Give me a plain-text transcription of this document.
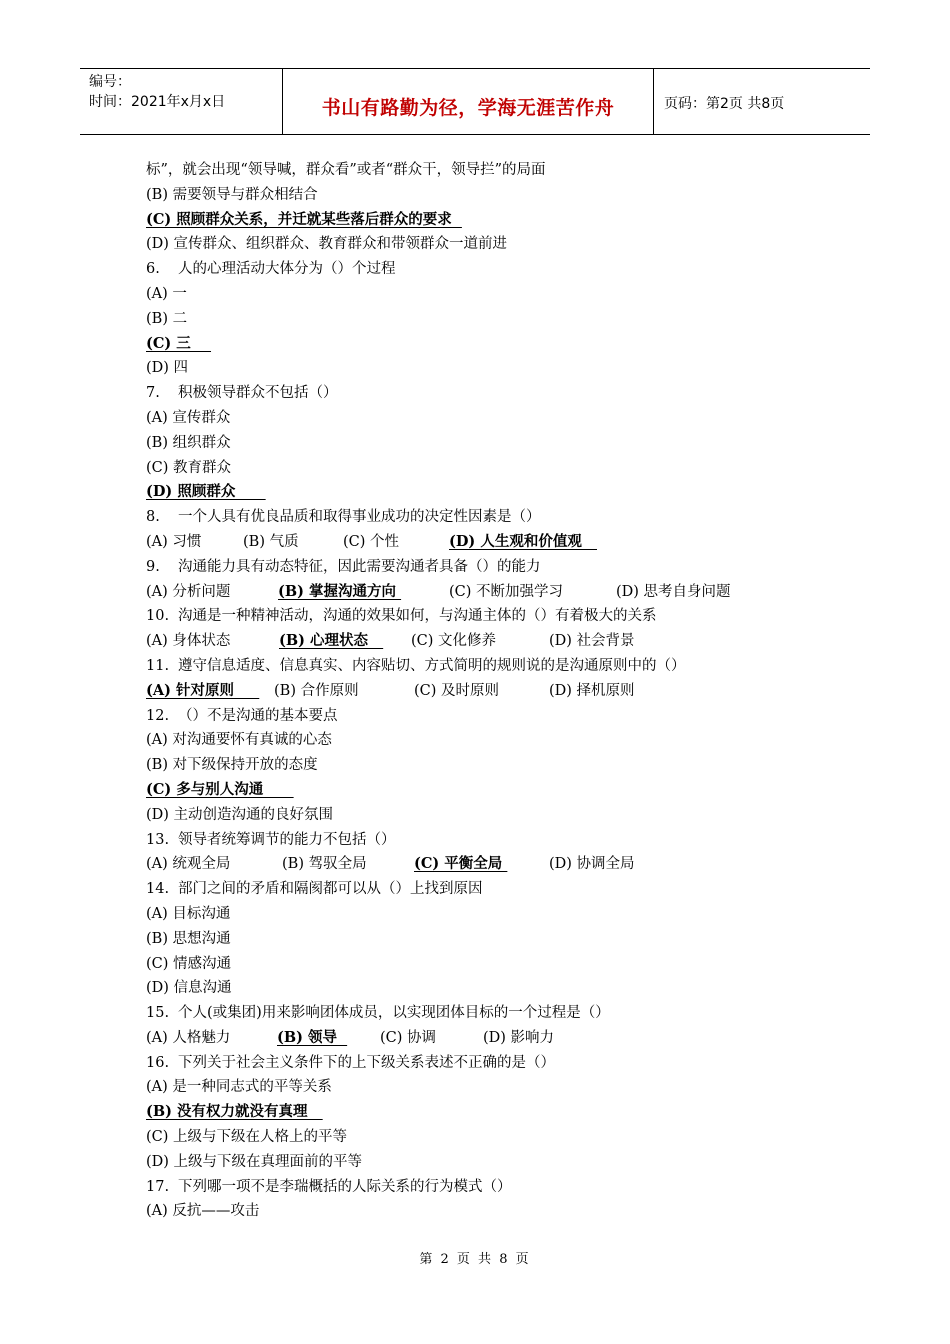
编号：
时间：2021年x月x日	书山有路勤为径，学海无涯苦作舟	页码：第2页 共8页
标”，就会出现“领导喊，群众看”或者“群众干，领导拦”的局面
(B) 需要领导与群众相结合
(C) 照顾群众关系，并迁就某些落后群众的要求
(D) 宣传群众、组织群众、教育群众和带领群众一道前进
6. 人的心理活动大体分为（）个过程
(A) 一
(B) 二
(C) 三
(D) 四
7. 积极领导群众不包括（）
(A) 宣传群众
(B) 组织群众
(C) 教育群众
(D) 照顾群众
8. 一个人具有优良品质和取得事业成功的决定性因素是（）
(A) 习惯	(B) 气质	(C) 个性	(D) 人生观和价值观
9. 沟通能力具有动态特征，因此需要沟通者具备（）的能力
(A) 分析问题	(B) 掌握沟通方向	(C) 不断加强学习	(D) 思考自身问题
10. 沟通是一种精神活动，沟通的效果如何，与沟通主体的（）有着极大的关系
(A) 身体状态	(B) 心理状态 (C) 文化修养	(D) 社会背景
11. 遵守信息适度、信息真实、内容贴切、方式简明的规则说的是沟通原则中的（）
(A) 针对原则 (B) 合作原则	(C) 及时原则	(D) 择机原则
12. （）不是沟通的基本要点
(A) 对沟通要怀有真诚的心态
(B) 对下级保持开放的态度
(C) 多与别人沟通
(D) 主动创造沟通的良好氛围
13. 领导者统筹调节的能力不包括（）
(A) 统观全局	(B) 驾驭全局	(C) 平衡全局	(D) 协调全局
14. 部门之间的矛盾和隔阂都可以从（）上找到原因
(A) 目标沟通
(B) 思想沟通
(C) 情感沟通
(D) 信息沟通
15. 个人(或集团)用来影响团体成员，以实现团体目标的一个过程是（）
(A) 人格魅力	(B) 领导 (C) 协调	(D) 影响力
16. 下列关于社会主义条件下的上下级关系表述不正确的是（）
(A) 是一种同志式的平等关系
(B) 没有权力就没有真理
(C) 上级与下级在人格上的平等
(D) 上级与下级在真理面前的平等
17. 下列哪一项不是李瑞概括的人际关系的行为模式（）
(A) 反抗——攻击
第 2 页 共 8 页
